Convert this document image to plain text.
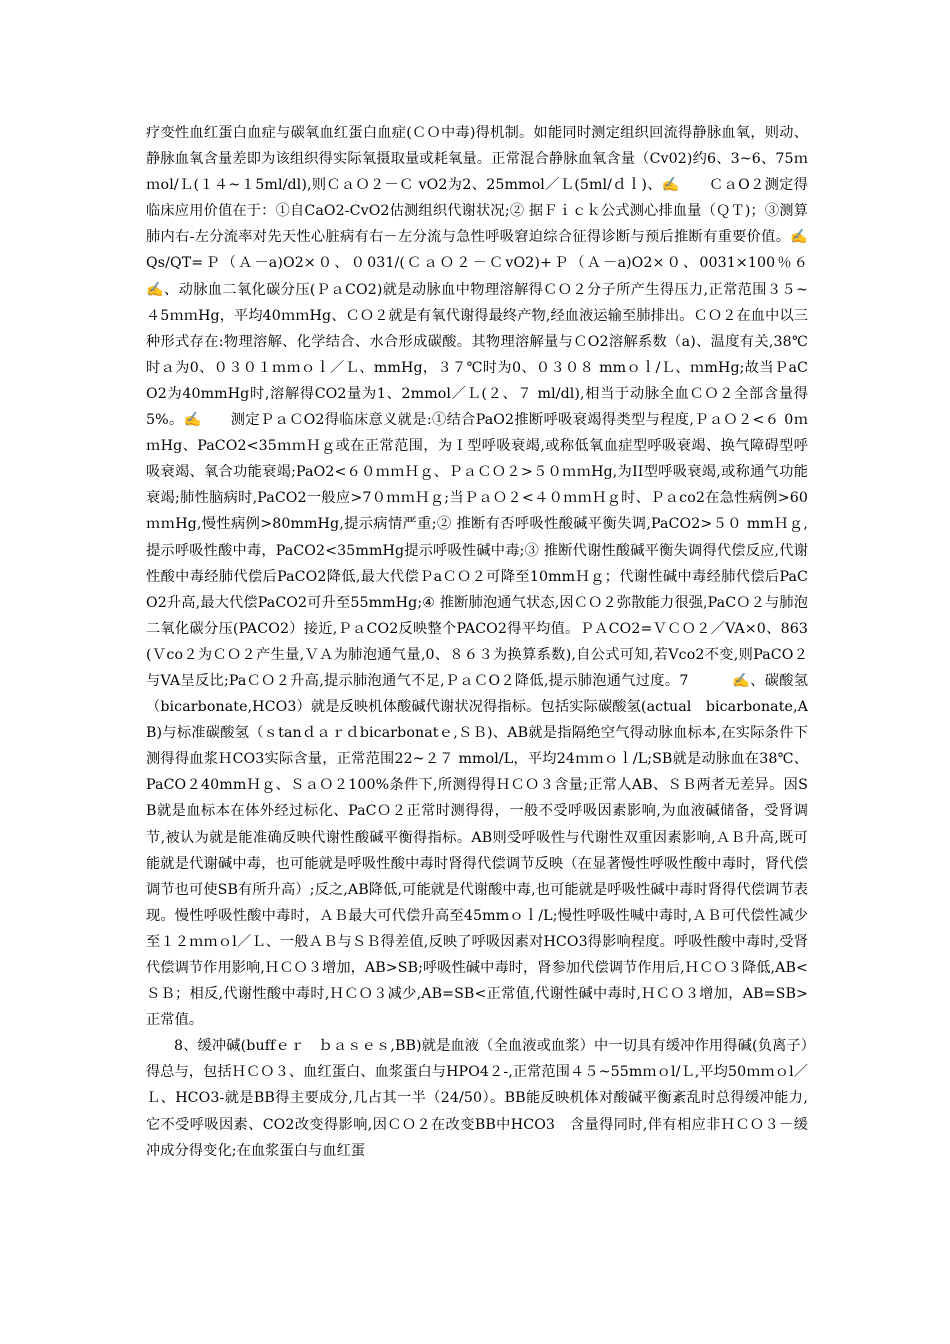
疗变性血红蛋白血症与碳氧血红蛋白血症(ＣＯ中毒)得机制。如能同时测定组织回流得静脉血氧，则动、静脉血氧含量差即为该组织得实际氧摄取量或耗氧量。正常混合静脉血氧含量（Cv02)约6、3~6、75ｍｍol/Ｌ(１４~１5ml/dl),则ＣａＯ２－Ｃ vO2为2、25mmol／Ｌ(5ml/ｄｌ)、✍　　ＣａO２测定得临床应用价值在于：①自CaO2-CvO2估测组织代谢状况;② 据Ｆｉｃｋ公式测心排血量（ＱＴ)；③测算肺内右-左分流率对先天性心脏病有右－左分流与急性呼吸窘迫综合征得诊断与预后推断有重要价值。✍Qs/QT=Ｐ（Ａ－a)O2×０、０031/(ＣａＯ２－ＣvO2)+Ｐ（Ａ－a)O2×０、0031×100％６　　　✍、动脉血二氧化碳分压(ＰａCO2)就是动脉血中物理溶解得ＣＯ２分子所产生得压力,正常范围３５~４5ｍｍHg，平均40ｍｍHg、ＣＯ２就是有氧代谢得最终产物,经血液运输至肺排出。ＣＯ２在血中以三种形式存在:物理溶解、化学结合、水合形成碳酸。其物理溶解量与ＣO2溶解系数（a)、温度有关,38℃时ａ为0、０３０１ｍｍｏｌ／Ｌ、mmHg，３７℃时为0、０３０８ mmｏｌ/Ｌ、ｍmHg;故当ＰaCO2为40mmHg时,溶解得CO2量为1、2mmol／Ｌ(２、７ ml/dl),相当于动脉全血ＣＯ２全部含量得5%。✍　　测定ＰａＣO2得临床意义就是:①结合PaO2推断呼吸衰竭得类型与程度,ＰａＯ２<６ 0ｍｍHg、PaCO2<35ｍｍＨｇ或在正常范围，为Ｉ型呼吸衰竭,或称低氧血症型呼吸衰竭、换气障碍型呼吸衰竭、氧合功能衰竭;PaO2<６０ｍｍＨｇ、ＰａＣＯ２>５０ｍｍHg,为II型呼吸衰竭,或称通气功能衰竭;肺性脑病时,PaCO2一般应>7０ｍｍＨｇ;当ＰａＯ２<４０ｍｍＨｇ时、Ｐａco2在急性病例>60ｍｍHg,慢性病例>80mmHg,提示病情严重;② 推断有否呼吸性酸碱平衡失调,PaCO2>５０ mmＨｇ,提示呼吸性酸中毒，PaCO2<35mmHg提示呼吸性碱中毒;③ 推断代谢性酸碱平衡失调得代偿反应,代谢性酸中毒经肺代偿后PaCO2降低,最大代偿ＰaＣＯ２可降至10mmＨｇ；代谢性碱中毒经肺代偿后PaCO2升高,最大代偿PaCO2可升至55mmHg;④ 推断肺泡通气状态,因ＣＯ２弥散能力很强,PaCＯ２与肺泡二氧化碳分压(PACO2）接近,ＰａCO2反映整个PACO2得平均值。ＰＡCO2=ＶＣＯ２／VA×0、863(Ｖco２为ＣＯ２产生量,ＶＡ为肺泡通气量,0、８６３为换算系数),自公式可知,若Vco2不变,则PaCO２与VA呈反比;PaＣＯ２升高,提示肺泡通气不足,ＰａＣO２降低,提示肺泡通气过度。7　　　✍、碳酸氢（bicarbonate,HCO3）就是反映机体酸碱代谢状况得指标。包括实际碳酸氢(actual　bicarbonate,AB)与标准碳酸氢（ｓtanｄａｒｄbicarbonatｅ,ＳＢ)、AB就是指隔绝空气得动脉血标本,在实际条件下测得得血浆ＨCO3实际含量，正常范围22~２７ mmol/L，平均24ｍｍｏｌ/L;SB就是动脉血在38℃、PaCO２40mmＨｇ、ＳａＯ２100%条件下,所测得得ＨＣＯ３含量;正常人AB、ＳＢ两者无差异。因SB就是血标本在体外经过标化、PaCＯ２正常时测得得，一般不受呼吸因素影响,为血液碱储备，受肾调节,被认为就是能准确反映代谢性酸碱平衡得指标。AB则受呼吸性与代谢性双重因素影响,ＡＢ升高,既可能就是代谢碱中毒，也可能就是呼吸性酸中毒时肾得代偿调节反映（在显著慢性呼吸性酸中毒时，肾代偿调节也可使SB有所升高）;反之,AB降低,可能就是代谢酸中毒,也可能就是呼吸性碱中毒时肾得代偿调节表现。慢性呼吸性酸中毒时，ＡＢ最大可代偿升高至45mmｏｌ/L;慢性呼吸性喊中毒时,ＡＢ可代偿性减少至１２ｍｍｏl／Ｌ、一般ＡＢ与ＳＢ得差值,反映了呼吸因素对HCO3得影响程度。呼吸性酸中毒时,受肾代偿调节作用影响,ＨＣＯ３增加，AB>SB;呼吸性碱中毒时，肾参加代偿调节作用后,ＨＣＯ３降低,AB<ＳＢ；相反,代谢性酸中毒时,ＨＣＯ３减少,AB=SB<正常值,代谢性碱中毒时,ＨＣＯ３增加，AB=SB>正常值。

8、缓冲碱(buffｅｒ　ｂａｓｅｓ,BB)就是血液（全血液或血浆）中一切具有缓冲作用得碱(负离子）得总与，包括ＨＣＯ３、血红蛋白、血浆蛋白与HPO4２-,正常范围４５~55mｍｏl/Ｌ,平均50ｍｍｏl／Ｌ、HCO3-就是BB得主要成分,几占其一半（24/50）。BB能反映机体对酸碱平衡紊乱时总得缓冲能力,它不受呼吸因素、CO2改变得影响,因ＣＯ２在改变BB中HCO3　含量得同时,伴有相应非ＨＣＯ３－缓冲成分得变化;在血浆蛋白与血红蛋
